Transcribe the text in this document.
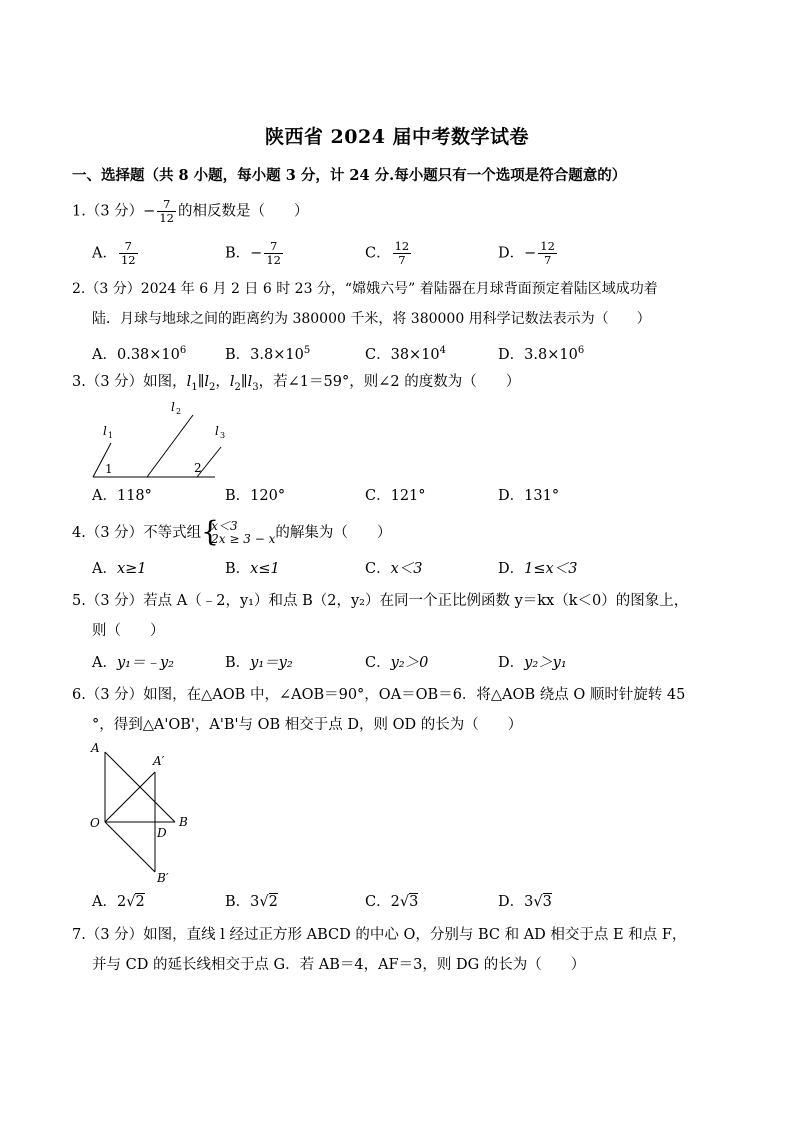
陕西省 2024 届中考数学试卷
一、选择题（共 8 小题，每小题 3 分，计 24 分.每小题只有一个选项是符合题意的）
1.（3 分）− $\frac{7}{12}$ 的相反数是（　　）
A． $\frac{7}{12}$	B．− $\frac{7}{12}$	C． $\frac{12}{7}$	D．− $\frac{12}{7}$
2.（3 分）2024 年 6 月 2 日 6 时 23 分，“嫦娥六号” 着陆器在月球背面预定着陆区域成功着
陆．月球与地球之间的距离约为 380000 千米，将 380000 用科学记数法表示为（　　）
A．$0.38\times 10^6$	B．$3.8\times 10^5$	C．$38\times 10^4$	D．$3.8\times 10^6$
3.（3 分）如图，$l_1\parallel l_2$，$l_2\parallel l_3$，若∠1＝59°，则∠2 的度数为（　　）
l 1
l 2
l 3
1	2
A．118°	B．120°	C．121°	D．131°
4.（3 分）不等式组 {
x＜3
2x ≥ 3 − x 的解集为（　　）
A．x≥1	B．x≤1	C．x＜3	D．1≤x＜3
5.（3 分）若点 A（﹣2，y₁）和点 B（2，y₂）在同一个正比例函数 y＝kx（k＜0）的图象上，
则（　　）
A．y₁＝﹣y₂	B．y₁＝y₂	C．y₂＞0	D．y₂＞y₁
6.（3 分）如图，在△AOB 中，∠AOB＝90°，OA＝OB＝6．将△AOB 绕点 O 顺时针旋转 45
°，得到△A'OB'，A'B'与 OB 相交于点 D，则 OD 的长为（　　）
A
A′
O
D
B
B′
A．2√2	B．3√2	C．2√3	D．3√3
7.（3 分）如图，直线 l 经过正方形 ABCD 的中心 O，分别与 BC 和 AD 相交于点 E 和点 F，
并与 CD 的延长线相交于点 G．若 AB＝4，AF＝3，则 DG 的长为（　　）
